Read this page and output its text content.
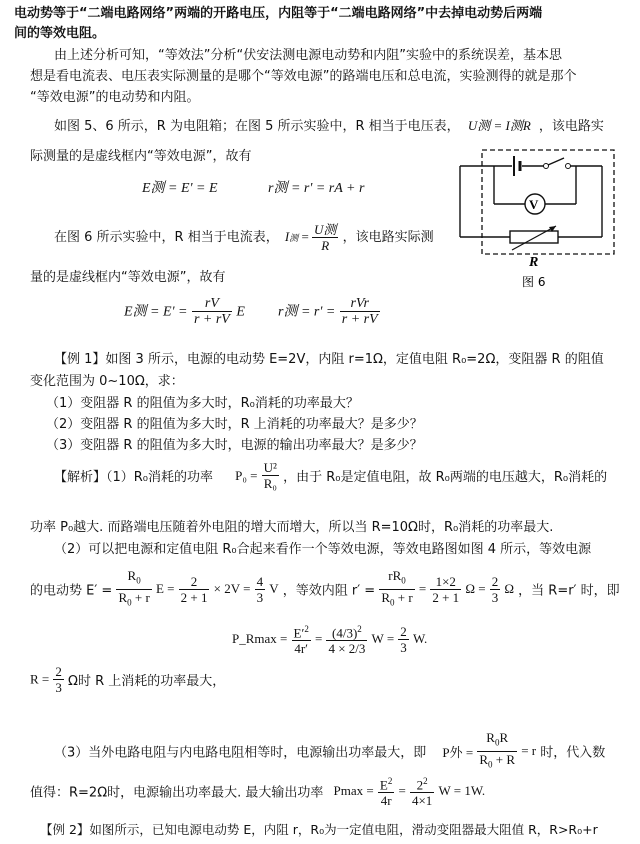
电动势等于“二端电路网络”两端的开路电压，内阻等于“二端电路网络”中去掉电动势后两端
间的等效电阻。
由上述分析可知，“等效法”分析“伏安法测电源电动势和内阻”实验中的系统误差，基本思
想是看电流表、电压表实际测量的是哪个“等效电源”的路端电压和总电流，实验测得的就是那个
“等效电源”的电动势和内阻。
如图 5、6 所示，R 为电阻箱；在图 5 所示实验中，R 相当于电压表， U测 = I测R ，该电路实
际测量的是虚线框内“等效电源”，故有
E测 = E' = E	r测 = r' = rA + r
在图 6 所示实验中，R 相当于电流表， I测 = $\frac{\text{U测}}{R}$ ，该电路实际测
量的是虚线框内“等效电源”，故有
E测 = $E' = \frac{rV}{r + rV}$ E r测 = $r' = \frac{\text{rVr}}{r + rV}$
V
R
图 6
【例 1】如图 3 所示，电源的电动势 E=2V，内阻 r=1Ω，定值电阻 R₀=2Ω，变阻器 R 的阻值
变化范围为 0~10Ω，求：
（1）变阻器 R 的阻值为多大时，R₀消耗的功率最大？
（2）变阻器 R 的阻值为多大时，R 上消耗的功率最大？是多少？
（3）变阻器 R 的阻值为多大时，电源的输出功率最大？是多少？
【解析】（1）R₀消耗的功率 $P_0 = \frac{\text{U²}}{\text{R₀}}$ ，由于 R₀是定值电阻，故 R₀两端的电压越大，R₀消耗的
功率 P₀越大. 而路端电压随着外电阻的增大而增大，所以当 R=10Ω时，R₀消耗的功率最大.
（2）可以把电源和定值电阻 R₀合起来看作一个等效电源，等效电路图如图 4 所示，等效电源
的电动势 $E' = \frac{R_0}{R_0 + r}$ $E = \frac{2}{2 + 1} \times 2V = \frac{4}{3}$ V ，等效内阻 $r' = \frac{rR_0}{R_0 + r} = \frac{1\times 2}{2 + 1}$ $\Omega = \frac{2}{3}$ Ω ，当 R=r′ 时，即
P_Rmax = $\frac{E'^2}{4r'} = \frac{(4/3)^2}{4 \times 2/3}$ $W = \frac{2}{3} W$.
$R = \frac{2}{3}$ Ω时 R 上消耗的功率最大，
（3）当外电路电阻与内电路电阻相等时，电源输出功率最大，即 P外 = $\frac{R_0R}{R_0 + R} = r$ 时，代入数
值得：R=2Ω时，电源输出功率最大. 最大输出功率 $Pmax = \frac{E^2}{4r} = \frac{2^2}{4\times 1}$ W = 1W.
【例 2】如图所示，已知电源电动势 E，内阻 r，R₀为一定值电阻，滑动变阻器最大阻值 R，R>R₀+r
